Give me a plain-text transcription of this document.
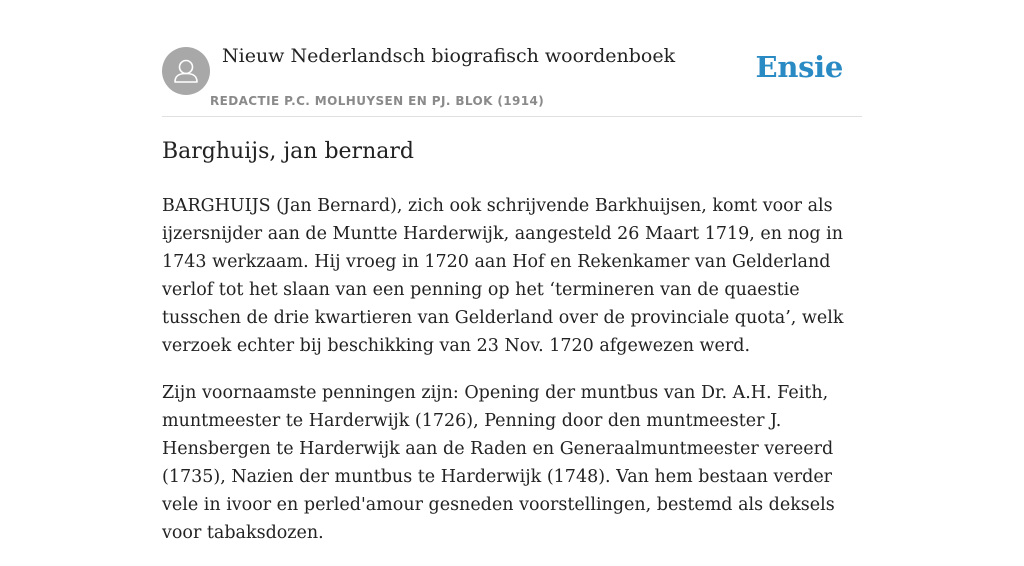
Nieuw Nederlandsch biografisch woordenboek
REDACTIE P.C. MOLHUYSEN EN PJ. BLOK (1914)
Ensie
Barghuijs, jan bernard

BARGHUIJS (Jan Bernard), zich ook schrijvende Barkhuijsen, komt voor als ijzersnijder aan de Muntte Harderwijk, aangesteld 26 Maart 1719, en nog in 1743 werkzaam. Hij vroeg in 1720 aan Hof en Rekenkamer van Gelderland verlof tot het slaan van een penning op het ‘termineren van de quaestie tusschen de drie kwartieren van Gelderland over de provinciale quota’, welk verzoek echter bij beschikking van 23 Nov. 1720 afgewezen werd.

Zijn voornaamste penningen zijn: Opening der muntbus van Dr. A.H. Feith, muntmeester te Harderwijk (1726), Penning door den muntmeester J. Hensbergen te Harderwijk aan de Raden en Generaalmuntmeester vereerd (1735), Nazien der muntbus te Harderwijk (1748). Van hem bestaan verder vele in ivoor en perled'amour gesneden voorstellingen, bestemd als deksels voor tabaksdozen.
